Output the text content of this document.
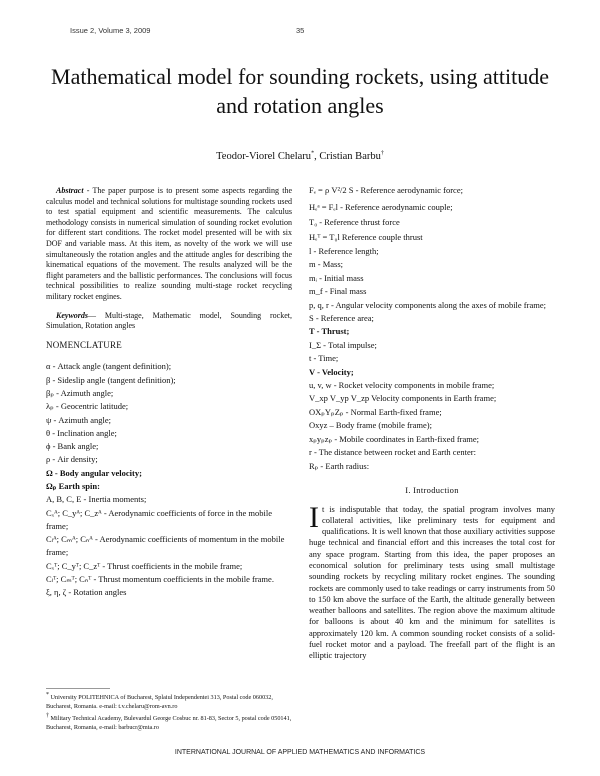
Issue 2, Volume 3, 2009	35
Mathematical model for sounding rockets, using attitude and rotation angles
Teodor-Viorel Chelaru*, Cristian Barbu†

Abstract - The paper purpose is to present some aspects regarding the calculus model and technical solutions for multistage sounding rockets used to test spatial equipment and scientific measurements. The calculus methodology consists in numerical simulation of sounding rocket evolution for different start conditions. The rocket model presented will be with six DOF and variable mass. At this item, as novelty of the work we will use simultaneously the rotation angles and the attitude angles for describing the kinematical equations of the movement. The results analyzed will be the flight parameters and the ballistic performances. The conclusions will focus technical possibilities to realize sounding multi-stage rocket recycling military rocket engines.

Keywords— Multi-stage, Mathematic model, Sounding rocket, Simulation, Rotation angles

NOMENCLATURE
α - Attack angle (tangent definition);
β - Sideslip angle (tangent definition);
βₚ - Azimuth angle;
λₚ - Geocentric latitude;
ψ - Azimuth angle;
θ - Inclination angle;
ϕ - Bank angle;
ρ - Air density;
Ω - Body angular velocity;
Ωₚ Earth spin:
A, B, C, E - Inertia moments;
Cₓᴬ; C_yᴬ; C_zᴬ - Aerodynamic coefficients of force in the mobile frame;
Cₗᴬ; Cₘᴬ; Cₙᴬ - Aerodynamic coefficients of momentum in the mobile frame;
Cₓᵀ; C_yᵀ; C_zᵀ - Thrust coefficients in the mobile frame;
Cₗᵀ; Cₘᵀ; Cₙᵀ - Thrust momentum coefficients in the mobile frame.
ξ, η, ζ - Rotation angles

* University POLITEHNICA of Bucharest, Splaiul Independentei 313, Postal code 060032, Bucharest, Romania. e-mail: t.v.chelaru@rom-avn.ro

† Military Technical Academy, Bulevardul George Cosbuc nr. 81-83, Sector 5, postal code 050141, Bucharest, Romania, e-mail: barbucr@mta.ro

Fₑ = ρ V²/2 S - Reference aerodynamic force;
Hₑᵃ = Fₑl - Reference aerodynamic couple;
T₀ - Reference thrust force
Hₑᵀ = T₀l Reference couple thrust
l - Reference length;
m - Mass;
mᵢ - Initial mass
m_f - Final mass
p, q, r - Angular velocity components along the axes of mobile frame;
S - Reference area;
T - Thrust;
I_Σ - Total impulse;
t - Time;
V - Velocity;
u, v, w - Rocket velocity components in mobile frame;
V_xp V_yp V_zp Velocity components in Earth frame;
OXₚYₚZₚ - Normal Earth-fixed frame;
Oxyz – Body frame (mobile frame);
xₚyₚzₚ - Mobile coordinates in Earth-fixed frame;
r - The distance between rocket and Earth center:
Rₚ - Earth radius:
I. Introduction
It is indisputable that today, the spatial program involves many collateral activities, like preliminary tests for equipment and qualifications. It is well known that those auxiliary activities suppose huge technical and financial effort and this increases the total cost for any space program. Starting from this idea, the paper proposes an economical solution for preliminary tests using small multistage sounding rockets by recycling military rocket engines. The sounding rockets are commonly used to take readings or carry instruments from 50 to 150 km above the surface of the Earth, the altitude generally between weather balloons and satellites. The region above the maximum altitude for balloons is about 40 km and the minimum for satellites is approximately 120 km. A common sounding rocket consists of a solid-fuel rocket motor and a payload. The freefall part of the flight is an elliptic trajectory
INTERNATIONAL JOURNAL OF APPLIED MATHEMATICS AND INFORMATICS
